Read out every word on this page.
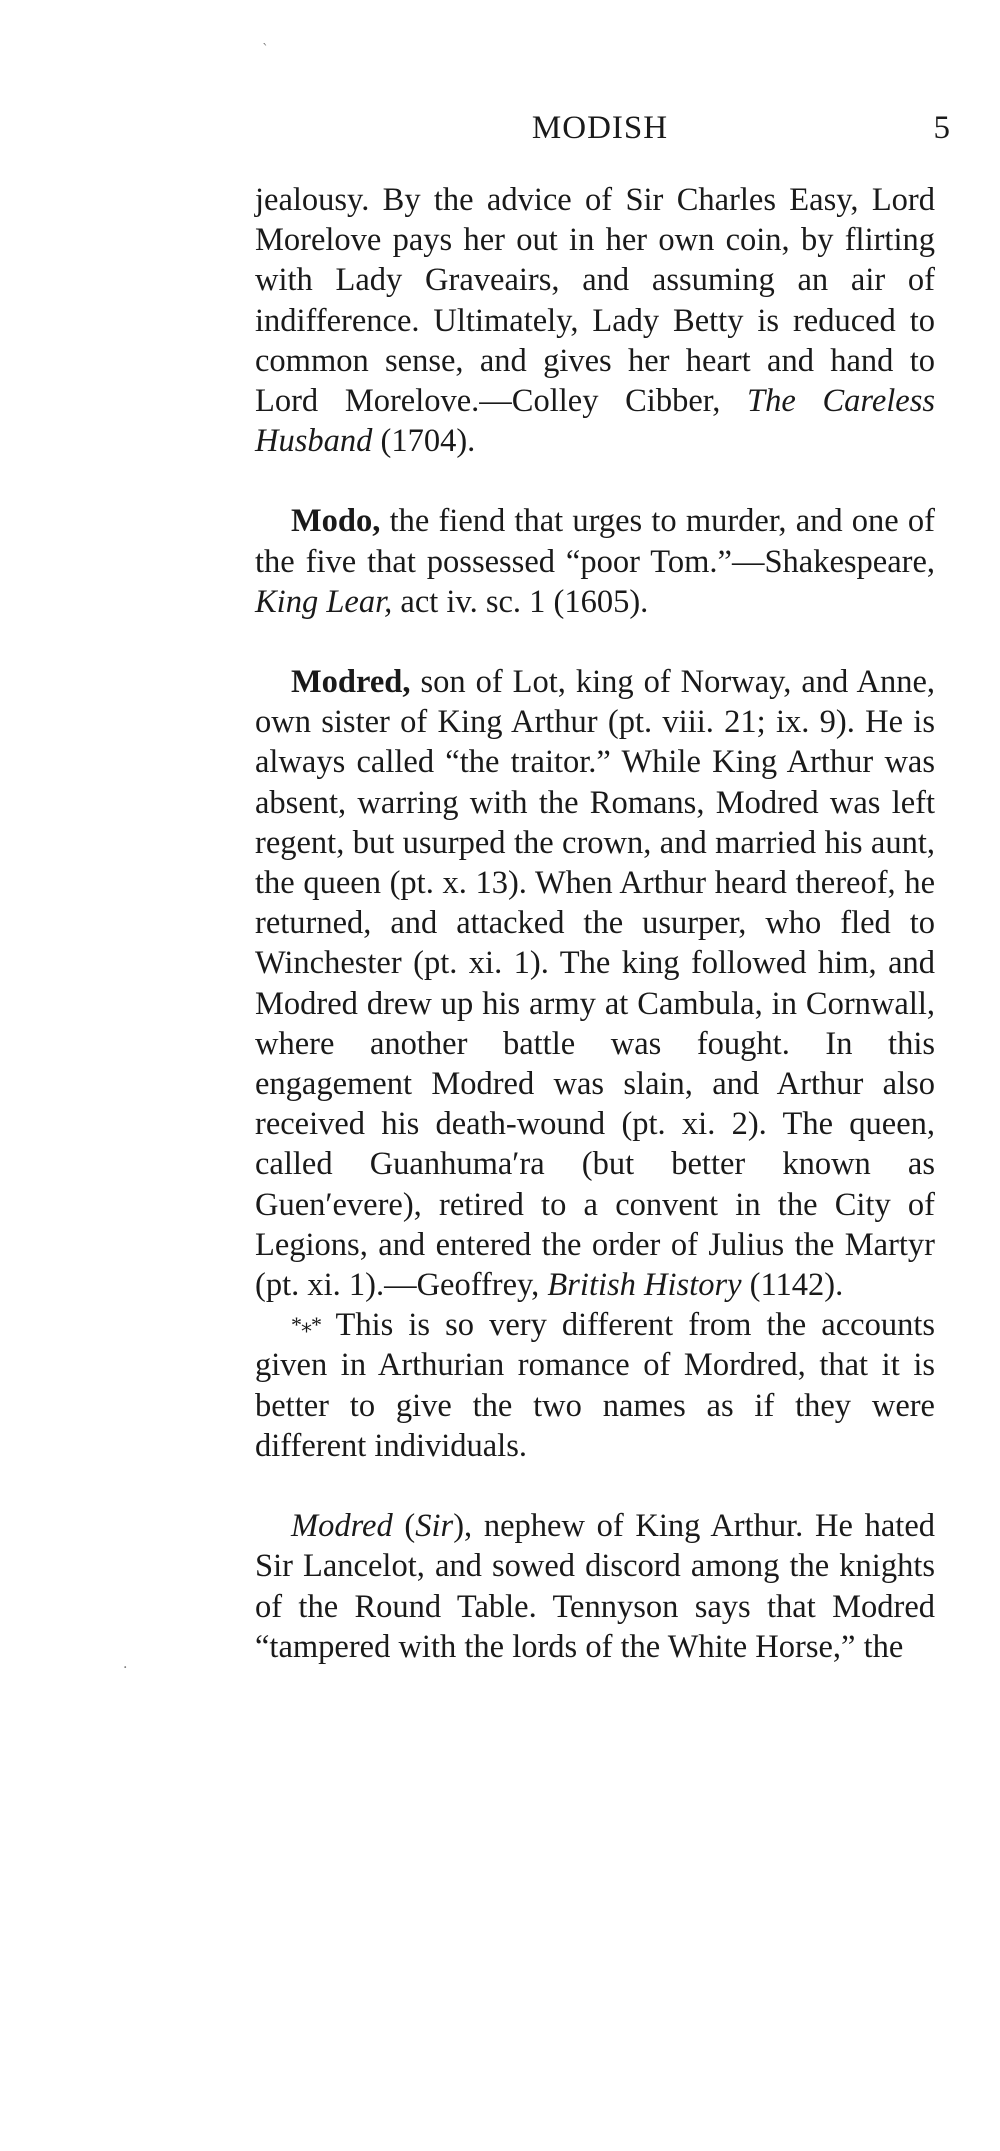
`
·
MODISH	5

jealousy. By the advice of Sir Charles Easy, Lord Morelove pays her out in her own coin, by flirting with Lady Graveairs, and assuming an air of indifference. Ultimately, Lady Betty is reduced to common sense, and gives her heart and hand to Lord Morelove.—Colley Cibber, The Careless Husband (1704).

Modo, the fiend that urges to murder, and one of the five that possessed “poor Tom.”—Shakespeare, King Lear, act iv. sc. 1 (1605).

Modred, son of Lot, king of Norway, and Anne, own sister of King Arthur (pt. viii. 21; ix. 9). He is always called “the traitor.” While King Arthur was absent, warring with the Romans, Modred was left regent, but usurped the crown, and married his aunt, the queen (pt. x. 13). When Arthur heard thereof, he returned, and attacked the usurper, who fled to Winchester (pt. xi. 1). The king followed him, and Modred drew up his army at Cambula, in Cornwall, where another battle was fought. In this engagement Modred was slain, and Arthur also received his death-wound (pt. xi. 2). The queen, called Guanhuma′ra (but better known as Guen′evere), retired to a convent in the City of Legions, and entered the order of Julius the Martyr (pt. xi. 1).—Geoffrey, British History (1142).

*⁎* This is so very different from the accounts given in Arthurian romance of Mordred, that it is better to give the two names as if they were different individuals.

Modred (Sir), nephew of King Arthur. He hated Sir Lancelot, and sowed discord among the knights of the Round Table. Tennyson says that Modred “tampered with the lords of the White Horse,” the
